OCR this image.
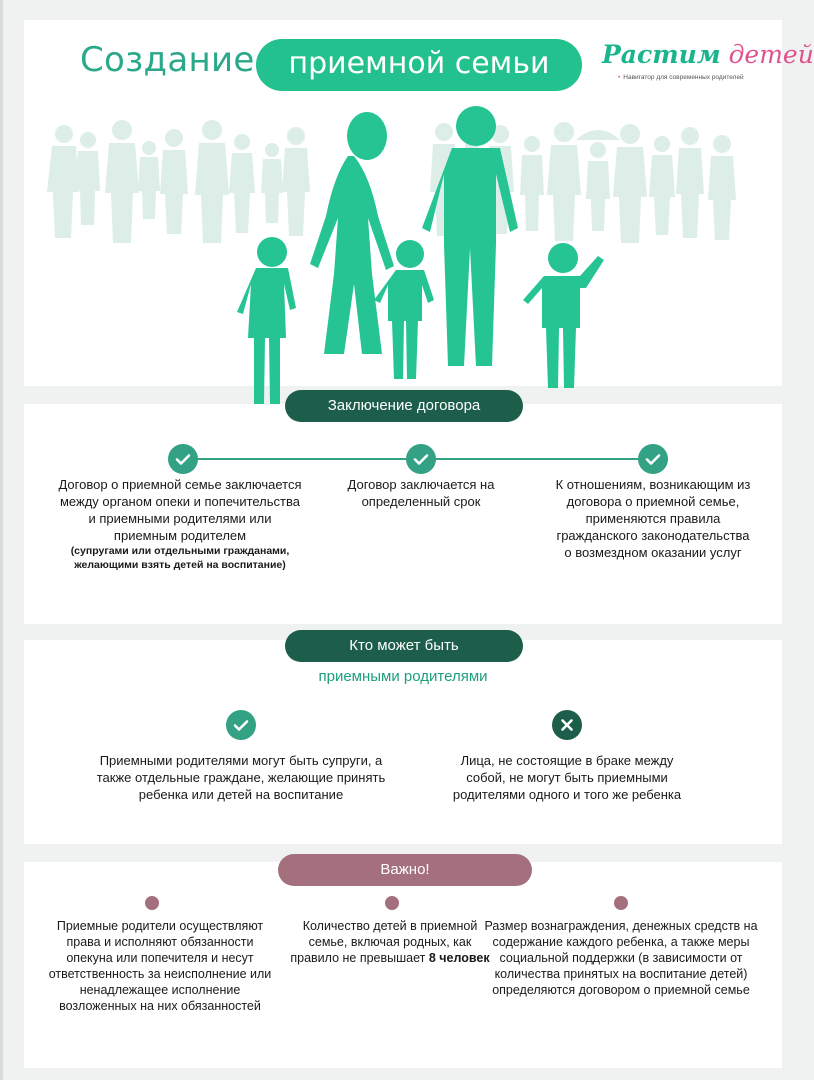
Создание	приемной семьи	Растим детей
• Навигатор для современных родителей
Заключение договора
Договор о приемной семье заключается между органом опеки и попечительства и приемными родителями или приемным родителем
(супругами или отдельными гражданами, желающими взять детей на воспитание)
Договор заключается на определенный срок
К отношениям, возникающим из договора о приемной семье, применяются правила гражданского законодательства о возмездном оказании услуг
Кто может быть
приемными родителями
Приемными родителями могут быть супруги, а также отдельные граждане, желающие принять ребенка или детей на воспитание
Лица, не состоящие в браке между собой, не могут быть приемными родителями одного и того же ребенка
Важно!
Приемные родители осуществляют права и исполняют обязанности опекуна или попечителя и несут ответственность за неисполнение или ненадлежащее исполнение возложенных на них обязанностей
Количество детей в приемной семье, включая родных, как правило не превышает 8 человек
Размер вознаграждения, денежных средств на содержание каждого ребенка, а также меры социальной поддержки (в зависимости от количества принятых на воспитание детей) определяются договором о приемной семье
